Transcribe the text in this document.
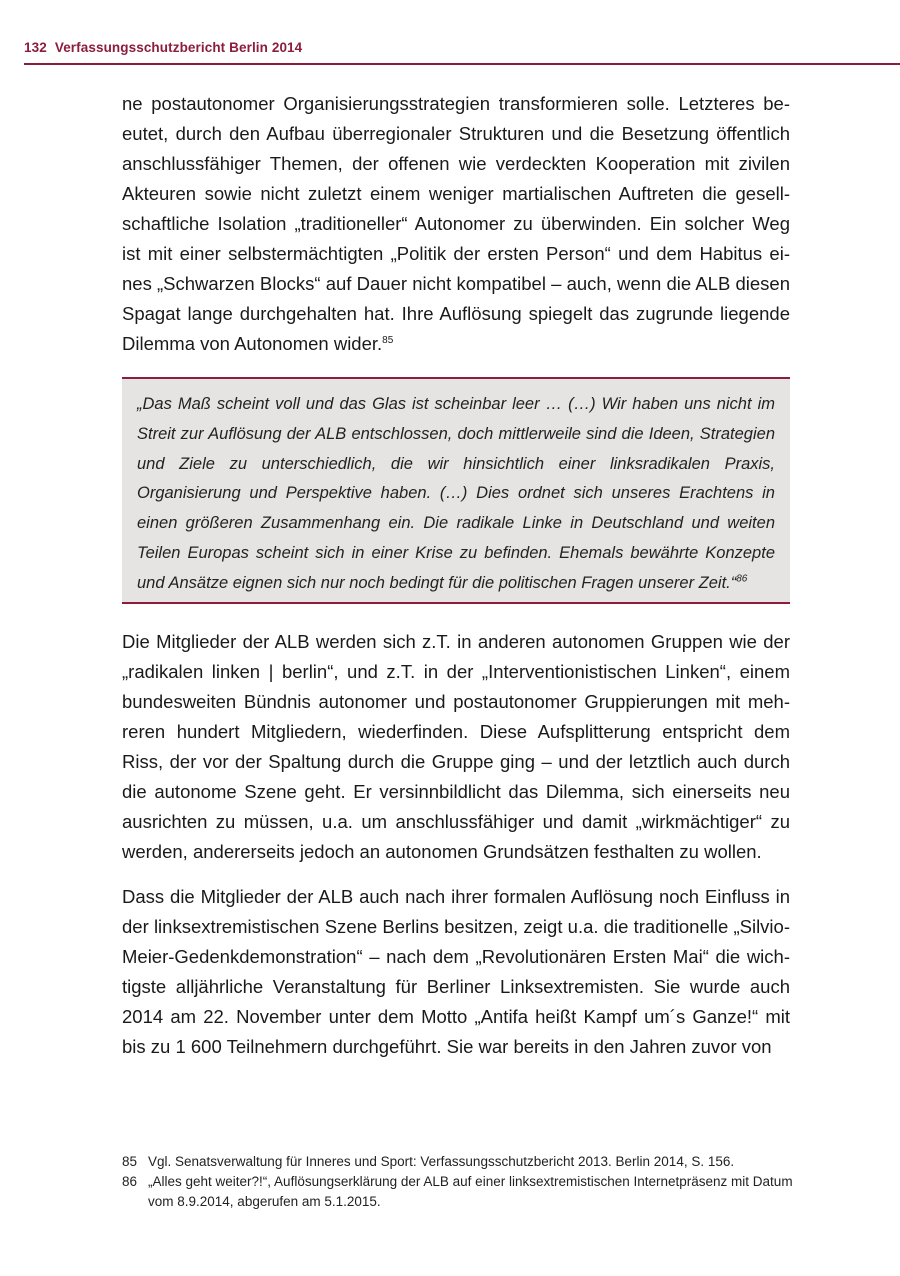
132 Verfassungsschutzbericht Berlin 2014

ne postautonomer Organisierungsstrategien transformieren solle. Letzteres beeutet, durch den Aufbau überregionaler Strukturen und die Besetzung öffentlich anschlussfähiger Themen, der offenen wie verdeckten Kooperation mit zivilen Akteuren sowie nicht zuletzt einem weniger martialischen Auftreten die gesellschaftliche Isolation „traditioneller“ Autonomer zu überwinden. Ein solcher Weg ist mit einer selbstermächtigten „Politik der ersten Person“ und dem Habitus eines „Schwarzen Blocks“ auf Dauer nicht kompatibel – auch, wenn die ALB diesen Spagat lange durchgehalten hat. Ihre Auflösung spiegelt das zugrunde liegende Dilemma von Autonomen wider.$^{85}$

„Das Maß scheint voll und das Glas ist scheinbar leer … (…) Wir haben uns nicht im Streit zur Auflösung der ALB entschlossen, doch mittlerweile sind die Ideen, Strategien und Ziele zu unterschiedlich, die wir hinsichtlich einer linksradikalen Praxis, Organisierung und Perspektive haben. (…) Dies ordnet sich unseres Erachtens in einen größeren Zusammenhang ein. Die radikale Linke in Deutschland und weiten Teilen Europas scheint sich in einer Krise zu befinden. Ehemals bewährte Konzepte und Ansätze eignen sich nur noch bedingt für die politischen Fragen unserer Zeit.“$^{86}$

Die Mitglieder der ALB werden sich z.T. in anderen autonomen Gruppen wie der „radikalen linken | berlin“, und z.T. in der „Interventionistischen Linken“, einem bundesweiten Bündnis autonomer und postautonomer Gruppierungen mit mehreren hundert Mitgliedern, wiederfinden. Diese Aufsplitterung entspricht dem Riss, der vor der Spaltung durch die Gruppe ging – und der letztlich auch durch die autonome Szene geht. Er versinnbildlicht das Dilemma, sich einerseits neu ausrichten zu müssen, u.a. um anschlussfähiger und damit „wirkmächtiger“ zu werden, andererseits jedoch an autonomen Grundsätzen festhalten zu wollen.

Dass die Mitglieder der ALB auch nach ihrer formalen Auflösung noch Einfluss in der linksextremistischen Szene Berlins besitzen, zeigt u.a. die traditionelle „Silvio-Meier-Gedenkdemonstration“ – nach dem „Revolutionären Ersten Mai“ die wichtigste alljährliche Veranstaltung für Berliner Linksextremisten. Sie wurde auch 2014 am 22. November unter dem Motto „Antifa heißt Kampf um´s Ganze!“ mit bis zu 1 600 Teilnehmern durchgeführt. Sie war bereits in den Jahren zuvor von

85 Vgl. Senatsverwaltung für Inneres und Sport: Verfassungsschutzbericht 2013. Berlin 2014, S. 156.

86 „Alles geht weiter?!“, Auflösungserklärung der ALB auf einer linksextremistischen Internetpräsenz mit Datum vom 8.9.2014, abgerufen am 5.1.2015.
